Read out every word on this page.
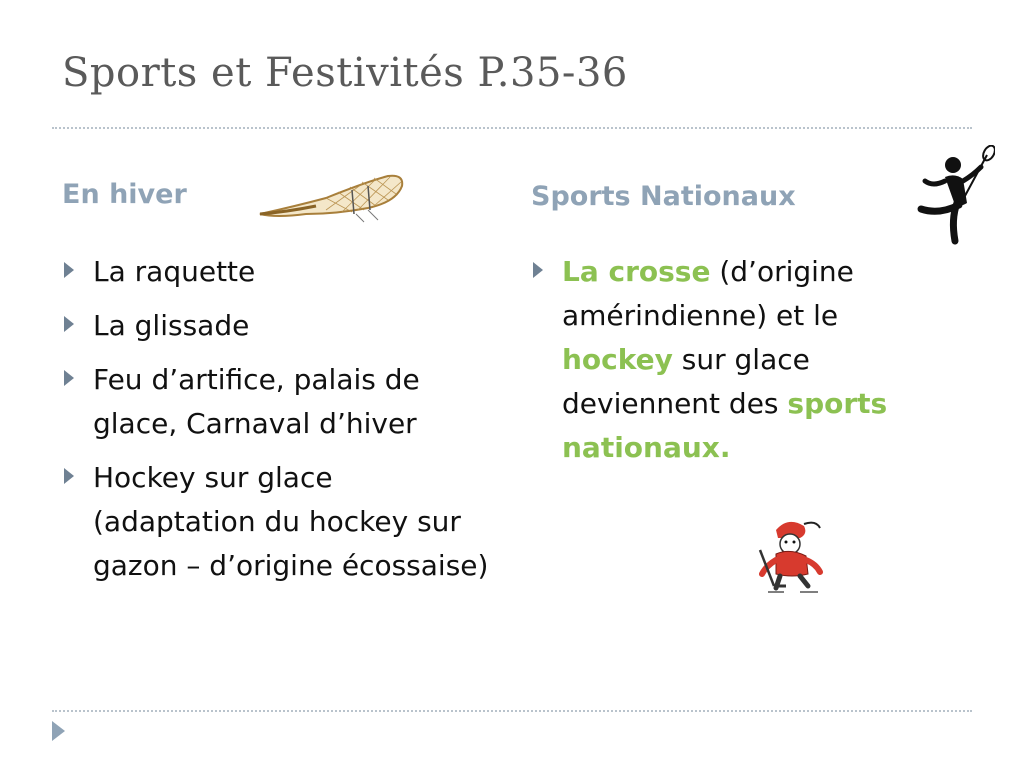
Sports et Festivités P.35-36
En hiver
La raquette
La glissade
Feu d’artifice, palais de glace, Carnaval d’hiver
Hockey sur glace (adaptation du hockey sur gazon – d’origine écossaise)
Sports Nationaux
La crosse (d’origine amérindienne) et le hockey sur glace deviennent des sports nationaux.
